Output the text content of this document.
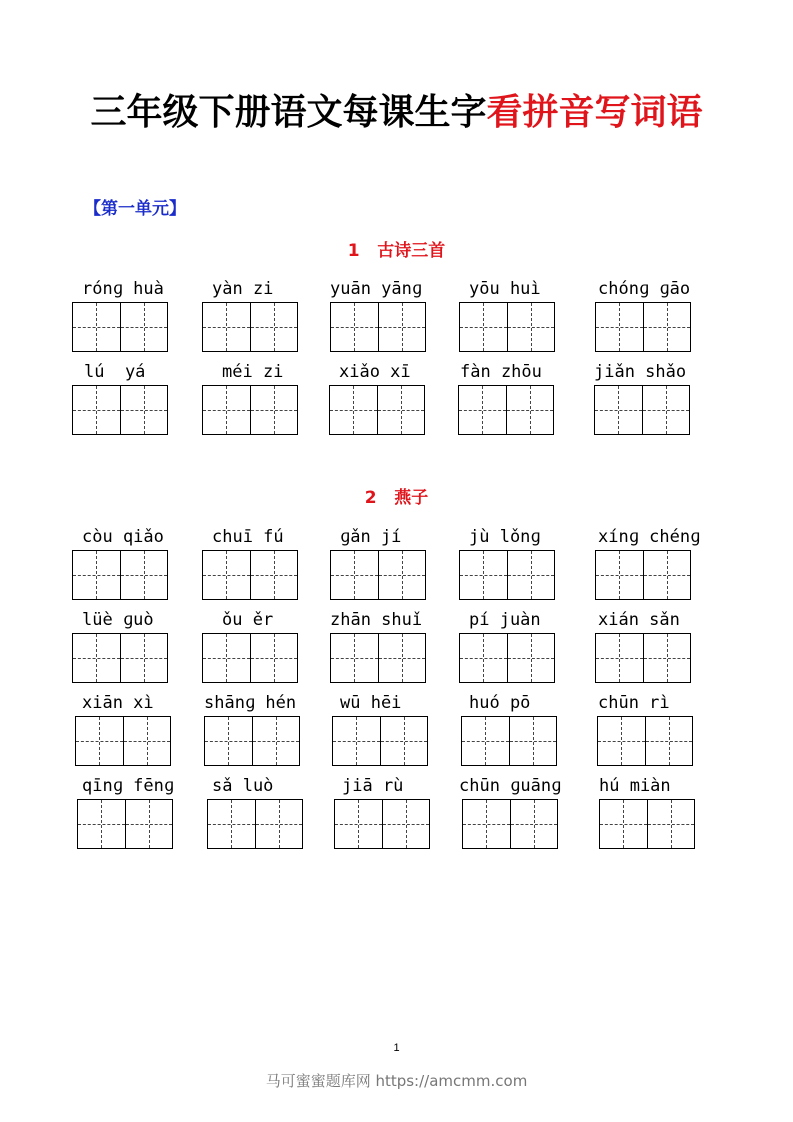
三年级下册语文每课生字看拼音写词语
【第一单元】
1   古诗三首
rónɡ huà	yàn zi	yuān yānɡ	yōu huì	chónɡ ɡāo
lú  yá	méi zi	xiǎo xī	fàn zhōu	jiǎn shǎo
2   燕子
còu qiǎo	chuī fú	ɡǎn jí	jù lǒnɡ	xínɡ chénɡ
lüè ɡuò	ǒu ěr	zhān shuǐ	pí juàn	xián sǎn
xiān xì	shānɡ hén	wū hēi	huó pō	chūn rì
qīnɡ fēnɡ	sǎ luò	jiā rù	chūn ɡuānɡ	hú miàn
1
马可蜜蜜题库网 https://amcmm.com
